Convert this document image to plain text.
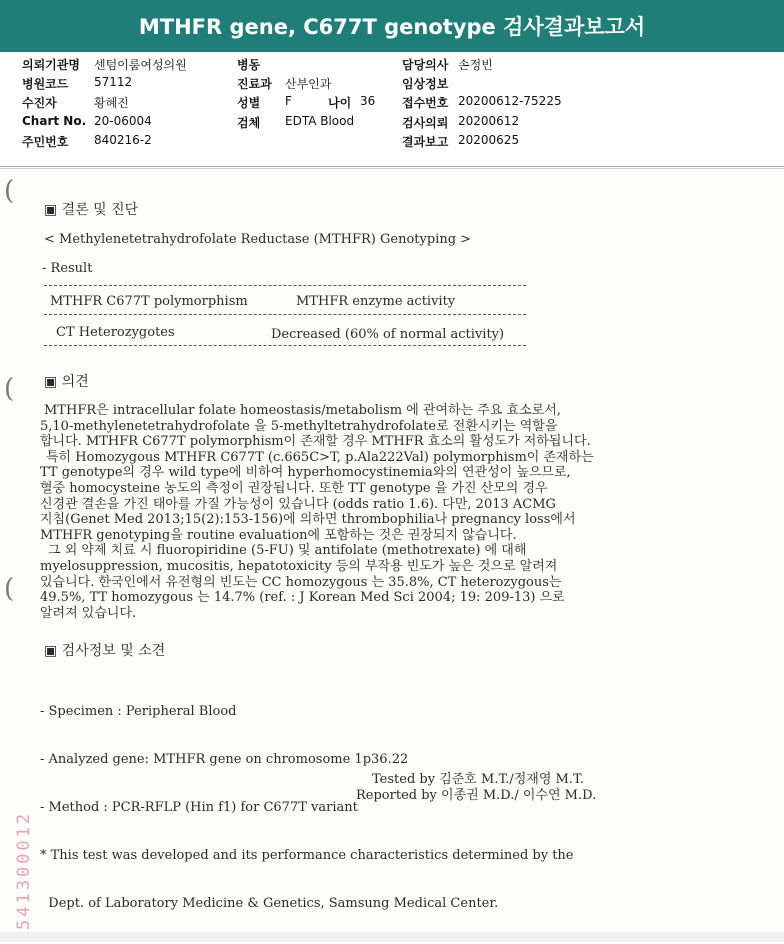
MTHFR gene, C677T genotype 검사결과보고서
의뢰기관명 센텀이룸여성의원
병원코드 57112
수진자	황혜진
Chart No. 20-06004
주민번호 840216-2
병동
진료과 산부인과
성별 F	나이 36
검체 EDTA Blood
담당의사 손정빈
임상정보
접수번호 20200612-75225
검사의뢰 20200612
결과보고 20200625
(
(
(
▣ 결론 및 진단
< Methylenetetrahydrofolate Reductase (MTHFR) Genotyping >
- Result
MTHFR C677T polymorphism	MTHFR enzyme activity
CT Heterozygotes	Decreased (60% of normal activity)
▣ 의견
MTHFR은 intracellular folate homeostasis/metabolism 에 관여하는 주요 효소로서,
5,10-methylenetetrahydrofolate 을 5-methyltetrahydrofolate로 전환시키는 역할을
합니다. MTHFR C677T polymorphism이 존재할 경우 MTHFR 효소의 활성도가 저하됩니다.
특히 Homozygous MTHFR C677T (c.665C>T, p.Ala222Val) polymorphism이 존재하는
TT genotype의 경우 wild type에 비하여 hyperhomocystinemia와의 연관성이 높으므로,
혈중 homocysteine 농도의 측정이 권장됩니다. 또한 TT genotype 을 가진 산모의 경우
신경관 결손을 가진 태아를 가질 가능성이 있습니다 (odds ratio 1.6). 다만, 2013 ACMG
지침(Genet Med 2013;15(2):153-156)에 의하면 thrombophilia나 pregnancy loss에서
MTHFR genotyping을 routine evaluation에 포함하는 것은 권장되지 않습니다.
그 외 약제 치료 시 fluoropiridine (5-FU) 및 antifolate (methotrexate) 에 대해
myelosuppression, mucositis, hepatotoxicity 등의 부작용 빈도가 높은 것으로 알려져
있습니다. 한국인에서 유전형의 빈도는 CC homozygous 는 35.8%, CT heterozygous는
49.5%, TT homozygous 는 14.7% (ref. : J Korean Med Sci 2004; 19: 209-13) 으로
알려져 있습니다.
▣ 검사정보 및 소견

- Specimen : Peripheral Blood

- Analyzed gene: MTHFR gene on chromosome 1p36.22

- Method : PCR-RFLP (Hin f1) for C677T variant

* This test was developed and its performance characteristics determined by the

Dept. of Laboratory Medicine & Genetics, Samsung Medical Center.

Tested by 김준호 M.T./정재영 M.T.
Reported by 이종권 M.D./ 이수연 M.D.
541300012
